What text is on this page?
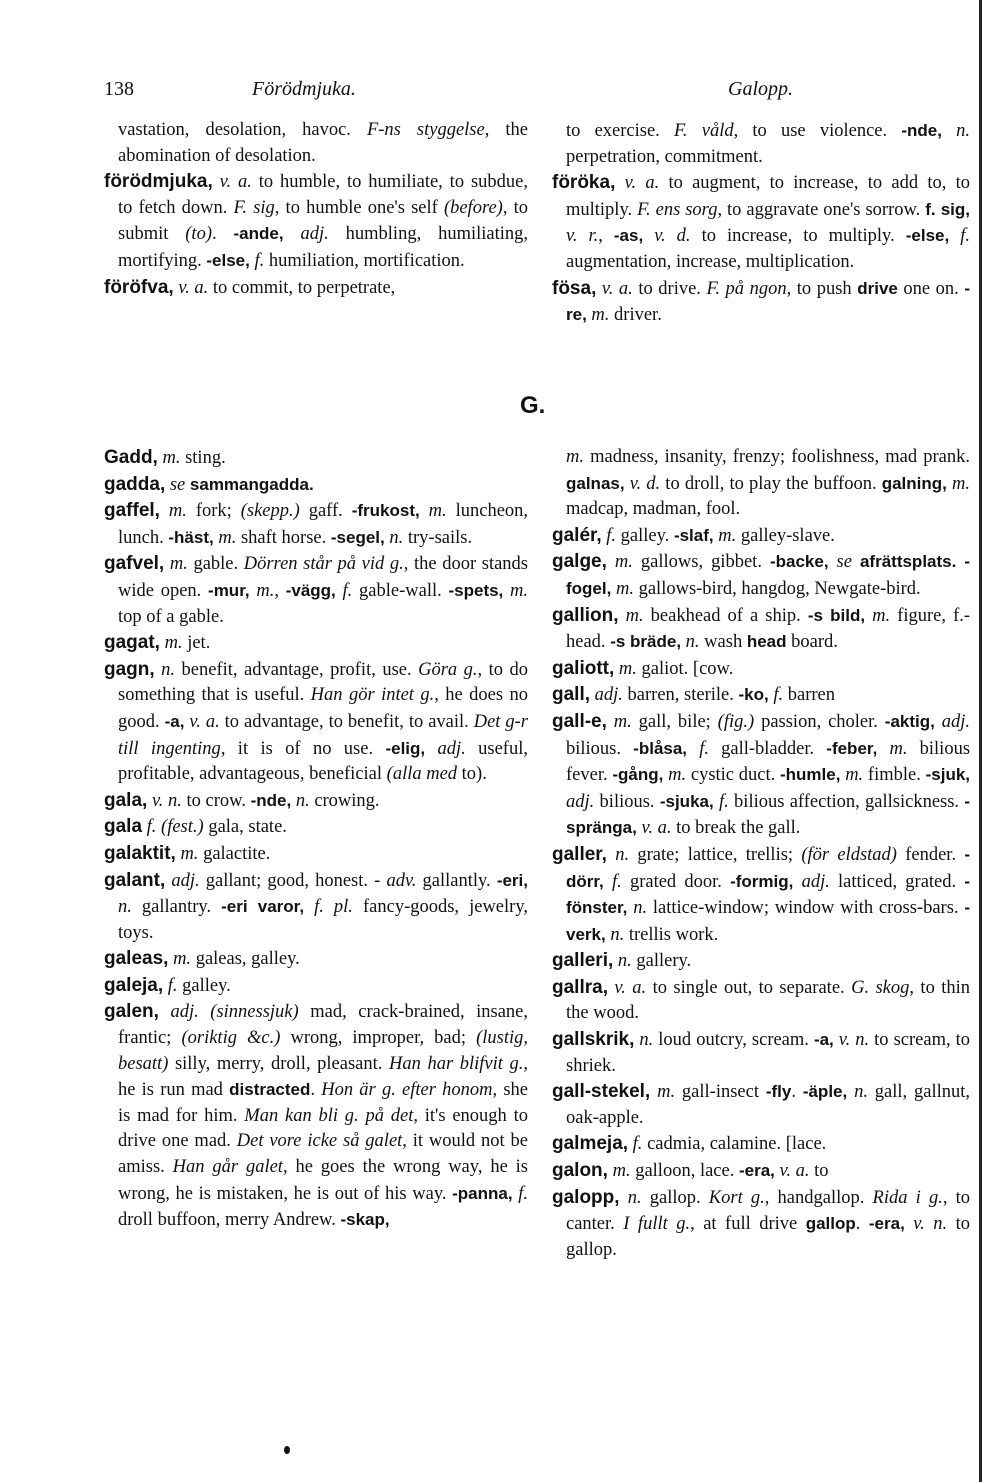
138	Förödmjuka.	Galopp.

vastation, desolation, havoc. F-ns styggelse, the abomination of desolation.

förödmjuka, v. a. to humble, to humiliate, to subdue, to fetch down. F. sig, to humble one's self (before), to submit (to). -ande, adj. humbling, humiliating, mortifying. -else, f. humiliation, mortification.

föröfva, v. a. to commit, to perpetrate,

to exercise. F. våld, to use violence. -nde, n. perpetration, commitment.

föröka, v. a. to augment, to increase, to add to, to multiply. F. ens sorg, to aggravate one's sorrow. f. sig, v. r., -as, v. d. to increase, to multiply. -else, f. augmentation, increase, multiplication.

fösa, v. a. to drive. F. på ngon, to push drive one on. -re, m. driver.

G.

Gadd, m. sting.

gadda, se sammangadda.

gaffel, m. fork; (skepp.) gaff. -frukost, m. luncheon, lunch. -häst, m. shaft horse. -segel, n. try-sails.

gafvel, m. gable. Dörren står på vid g., the door stands wide open. -mur, m., -vägg, f. gable-wall. -spets, m. top of a gable.

gagat, m. jet.

gagn, n. benefit, advantage, profit, use. Göra g., to do something that is useful. Han gör intet g., he does no good. -a, v. a. to advantage, to benefit, to avail. Det g-r till ingenting, it is of no use. -elig, adj. useful, profitable, advantageous, beneficial (alla med to).

gala, v. n. to crow. -nde, n. crowing.

gala f. (fest.) gala, state.

galaktit, m. galactite.

galant, adj. gallant; good, honest. - adv. gallantly. -eri, n. gallantry. -eri varor, f. pl. fancy-goods, jewelry, toys.

galeas, m. galeas, galley.

galeja, f. galley.

galen, adj. (sinnessjuk) mad, crack-brained, insane, frantic; (oriktig &c.) wrong, improper, bad; (lustig, besatt) silly, merry, droll, pleasant. Han har blifvit g., he is run mad distracted. Hon är g. efter honom, she is mad for him. Man kan bli g. på det, it's enough to drive one mad. Det vore icke så galet, it would not be amiss. Han går galet, he goes the wrong way, he is wrong, he is mistaken, he is out of his way. -panna, f. droll buffoon, merry Andrew. -skap,

m. madness, insanity, frenzy; foolishness, mad prank. galnas, v. d. to droll, to play the buffoon. galning, m. madcap, madman, fool.

galér, f. galley. -slaf, m. galley-slave.

galge, m. gallows, gibbet. -backe, se afrättsplats. -fogel, m. gallows-bird, hangdog, Newgate-bird.

gallion, m. beakhead of a ship. -s bild, m. figure, f.-head. -s bräde, n. wash head board.

galiott, m. galiot. [cow.

gall, adj. barren, sterile. -ko, f. barren

gall-e, m. gall, bile; (fig.) passion, choler. -aktig, adj. bilious. -blåsa, f. gall-bladder. -feber, m. bilious fever. -gång, m. cystic duct. -humle, m. fimble. -sjuk, adj. bilious. -sjuka, f. bilious affection, gallsickness. -spränga, v. a. to break the gall.

galler, n. grate; lattice, trellis; (för eldstad) fender. -dörr, f. grated door. -formig, adj. latticed, grated. -fönster, n. lattice-window; window with cross-bars. -verk, n. trellis work.

galleri, n. gallery.

gallra, v. a. to single out, to separate. G. skog, to thin the wood.

gallskrik, n. loud outcry, scream. -a, v. n. to scream, to shriek.

gall-stekel, m. gall-insect -fly. -äple, n. gall, gallnut, oak-apple.

galmeja, f. cadmia, calamine. [lace.

galon, m. galloon, lace. -era, v. a. to

galopp, n. gallop. Kort g., handgallop. Rida i g., to canter. I fullt g., at full drive gallop. -era, v. n. to gallop.
